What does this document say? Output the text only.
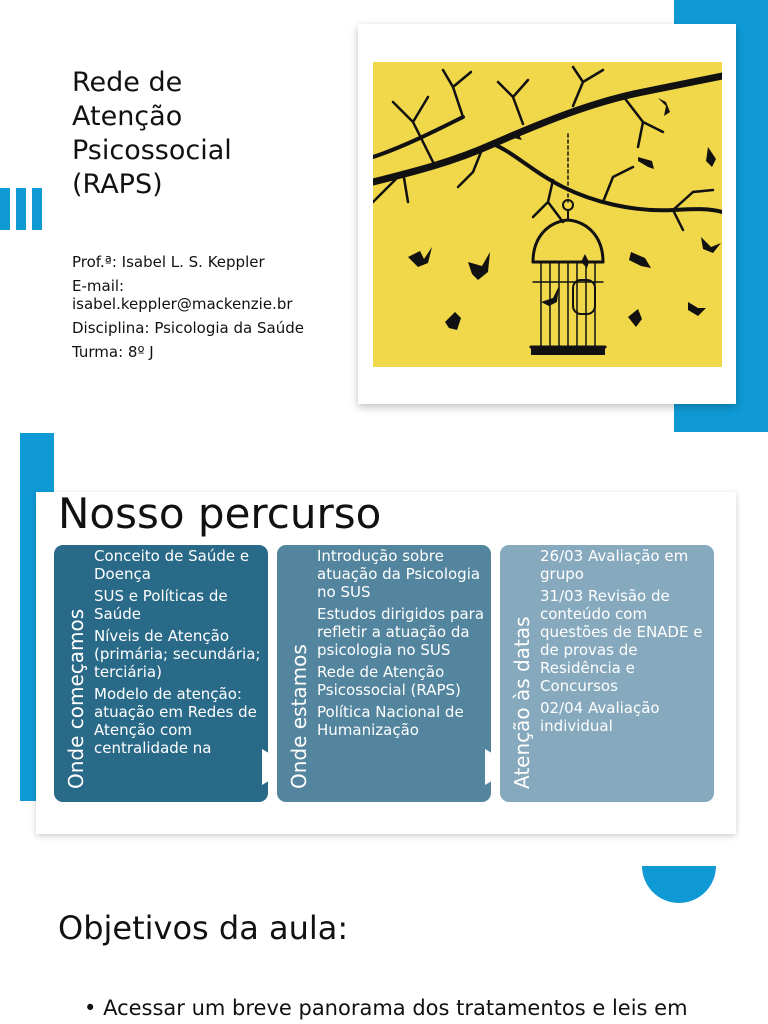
Rede de
Atenção
Psicossocial
(RAPS)
Prof.ª: Isabel L. S. Keppler
E-mail:
isabel.keppler@mackenzie.br
Disciplina: Psicologia da Saúde
Turma: 8º J
Nosso percurso
Onde começamos
Conceito de Saúde e Doença
SUS e Políticas de Saúde
Níveis de Atenção (primária; secundária; terciária)
Modelo de atenção: atuação em Redes de Atenção com centralidade na	Onde estamos
Introdução sobre atuação da Psicologia no SUS
Estudos dirigidos para refletir a atuação da psicologia no SUS
Rede de Atenção Psicossocial (RAPS)
Política Nacional de Humanização	Atenção às datas
26/03 Avaliação em grupo
31/03 Revisão de conteúdo com questões de ENADE e de provas de Residência e Concursos
02/04 Avaliação individual
Objetivos da aula:
• Acessar um breve panorama dos tratamentos e leis em
